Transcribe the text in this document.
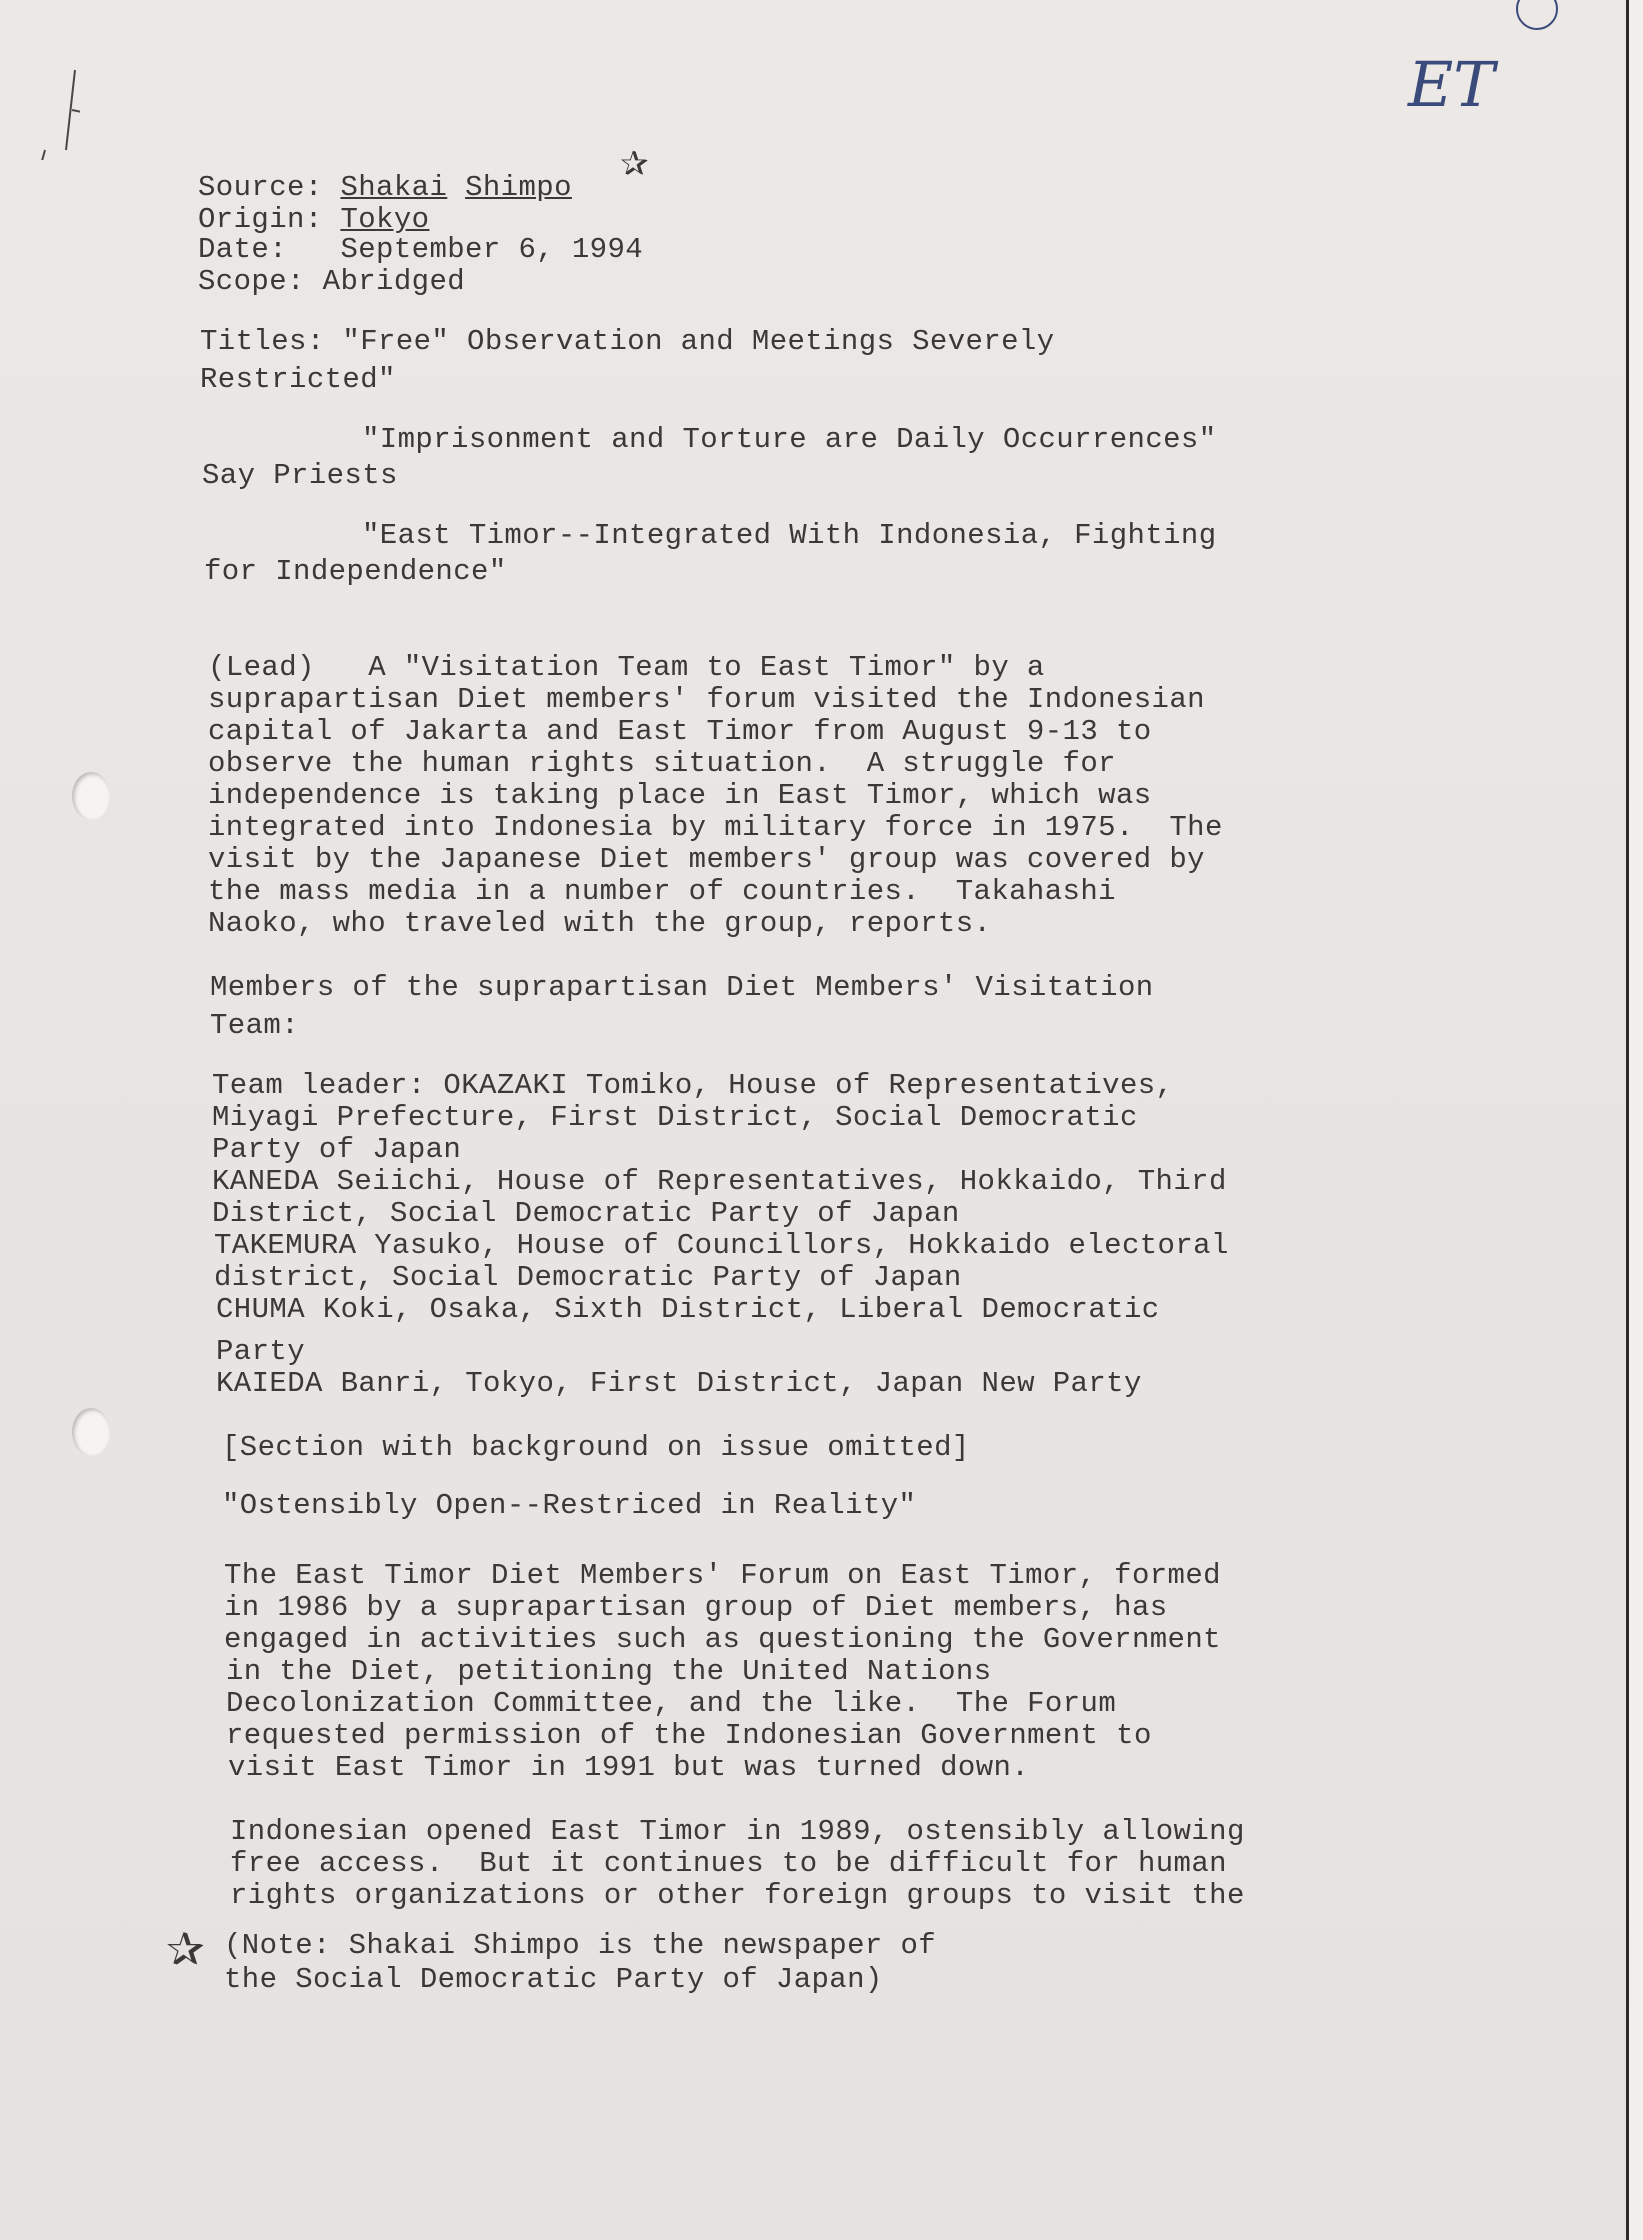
ET
Source: Shakai Shimpo
✰
Origin: Tokyo
Date: September 6, 1994
Scope: Abridged
Titles: "Free" Observation and Meetings Severely
Restricted"
"Imprisonment and Torture are Daily Occurrences"
Say Priests
"East Timor--Integrated With Indonesia, Fighting
for Independence"
(Lead)   A "Visitation Team to East Timor" by a
suprapartisan Diet members' forum visited the Indonesian
capital of Jakarta and East Timor from August 9-13 to
observe the human rights situation.  A struggle for
independence is taking place in East Timor, which was
integrated into Indonesia by military force in 1975.  The
visit by the Japanese Diet members' group was covered by
the mass media in a number of countries.  Takahashi
Naoko, who traveled with the group, reports.
Members of the suprapartisan Diet Members' Visitation
Team:
Team leader: OKAZAKI Tomiko, House of Representatives,
Miyagi Prefecture, First District, Social Democratic
Party of Japan
KANEDA Seiichi, House of Representatives, Hokkaido, Third
District, Social Democratic Party of Japan
TAKEMURA Yasuko, House of Councillors, Hokkaido electoral
district, Social Democratic Party of Japan
CHUMA Koki, Osaka, Sixth District, Liberal Democratic
Party
KAIEDA Banri, Tokyo, First District, Japan New Party
[Section with background on issue omitted]
"Ostensibly Open--Restriced in Reality"
The East Timor Diet Members' Forum on East Timor, formed
in 1986 by a suprapartisan group of Diet members, has
engaged in activities such as questioning the Government
in the Diet, petitioning the United Nations
Decolonization Committee, and the like.  The Forum
requested permission of the Indonesian Government to
visit East Timor in 1991 but was turned down.
Indonesian opened East Timor in 1989, ostensibly allowing
free access.  But it continues to be difficult for human
rights organizations or other foreign groups to visit the
✰ (Note: Shakai Shimpo is the newspaper of
the Social Democratic Party of Japan)
